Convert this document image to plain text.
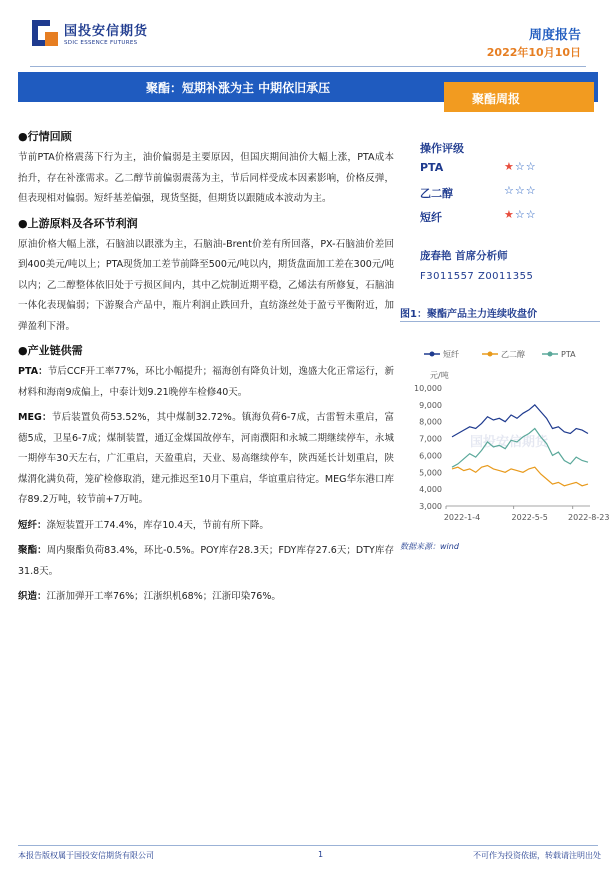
国投安信期货
SDIC ESSENCE FUTURES	周度报告
2022年10月10日
聚酯：短期补涨为主 中期依旧承压
聚酯周报
●行情回顾

节前PTA价格震荡下行为主，油价偏弱是主要原因，但国庆期间油价大幅上涨，PTA成本抬升，存在补涨需求。乙二醇节前偏弱震荡为主，节后同样受成本因素影响，价格反弹，但表现相对偏弱。短纤基差偏强，现货坚挺，但期货以跟随成本波动为主。

●上游原料及各环节利润

原油价格大幅上涨，石脑油以跟涨为主，石脑油-Brent价差有所回落，PX-石脑油价差回到400美元/吨以上；PTA现货加工差节前降至500元/吨以内，期货盘面加工差在300元/吨以内；乙二醇整体依旧处于亏损区间内，其中乙烷制近期平稳，乙烯法有所修复，石脑油一体化表现偏弱；下游聚合产品中，瓶片利润止跌回升，直纺涤丝处于盈亏平衡附近，加弹盈利下滑。

●产业链供需

PTA：节后CCF开工率77%，环比小幅提升；福海创有降负计划，逸盛大化正常运行，新材料和海南9成偏上，中泰计划9.21晚停车检修40天。

MEG：节后装置负荷53.52%，其中煤制32.72%。镇海负荷6-7成，古雷暂未重启，富德5成，卫星6-7成；煤制装置，通辽金煤国故停车，河南濮阳和永城二期继续停车，永城一期停车30天左右，广汇重启，天盈重启，天业、易高继续停车，陕西延长计划重启，陕煤渭化满负荷，笼矿检修取消，建元推迟至10月下重启，华谊重启待定。MEG华东港口库存89.2万吨，较节前+7万吨。

短纤：涤短装置开工74.4%，库存10.4天，节前有所下降。

聚酯：周内聚酯负荷83.4%，环比-0.5%。POY库存28.3天；FDY库存27.6天；DTY库存31.8天。

织造：江浙加弹开工率76%；江浙织机68%；江浙印染76%。

操作评级
PTA	★☆☆
乙二醇	☆☆☆
短纤	★☆☆
庞春艳 首席分析师
F3011557 Z0011355
图1：聚酯产品主力连续收盘价
短纤	乙二醇	PTA
元/吨
10,000
9,000
8,000
7,000
6,000
5,000
4,000
3,000
2022-1-4	2022-5-5	2022-8-23
国投安信期货
数据来源：wind
本报告版权属于国投安信期货有限公司	1	不可作为投资依据，转载请注明出处
